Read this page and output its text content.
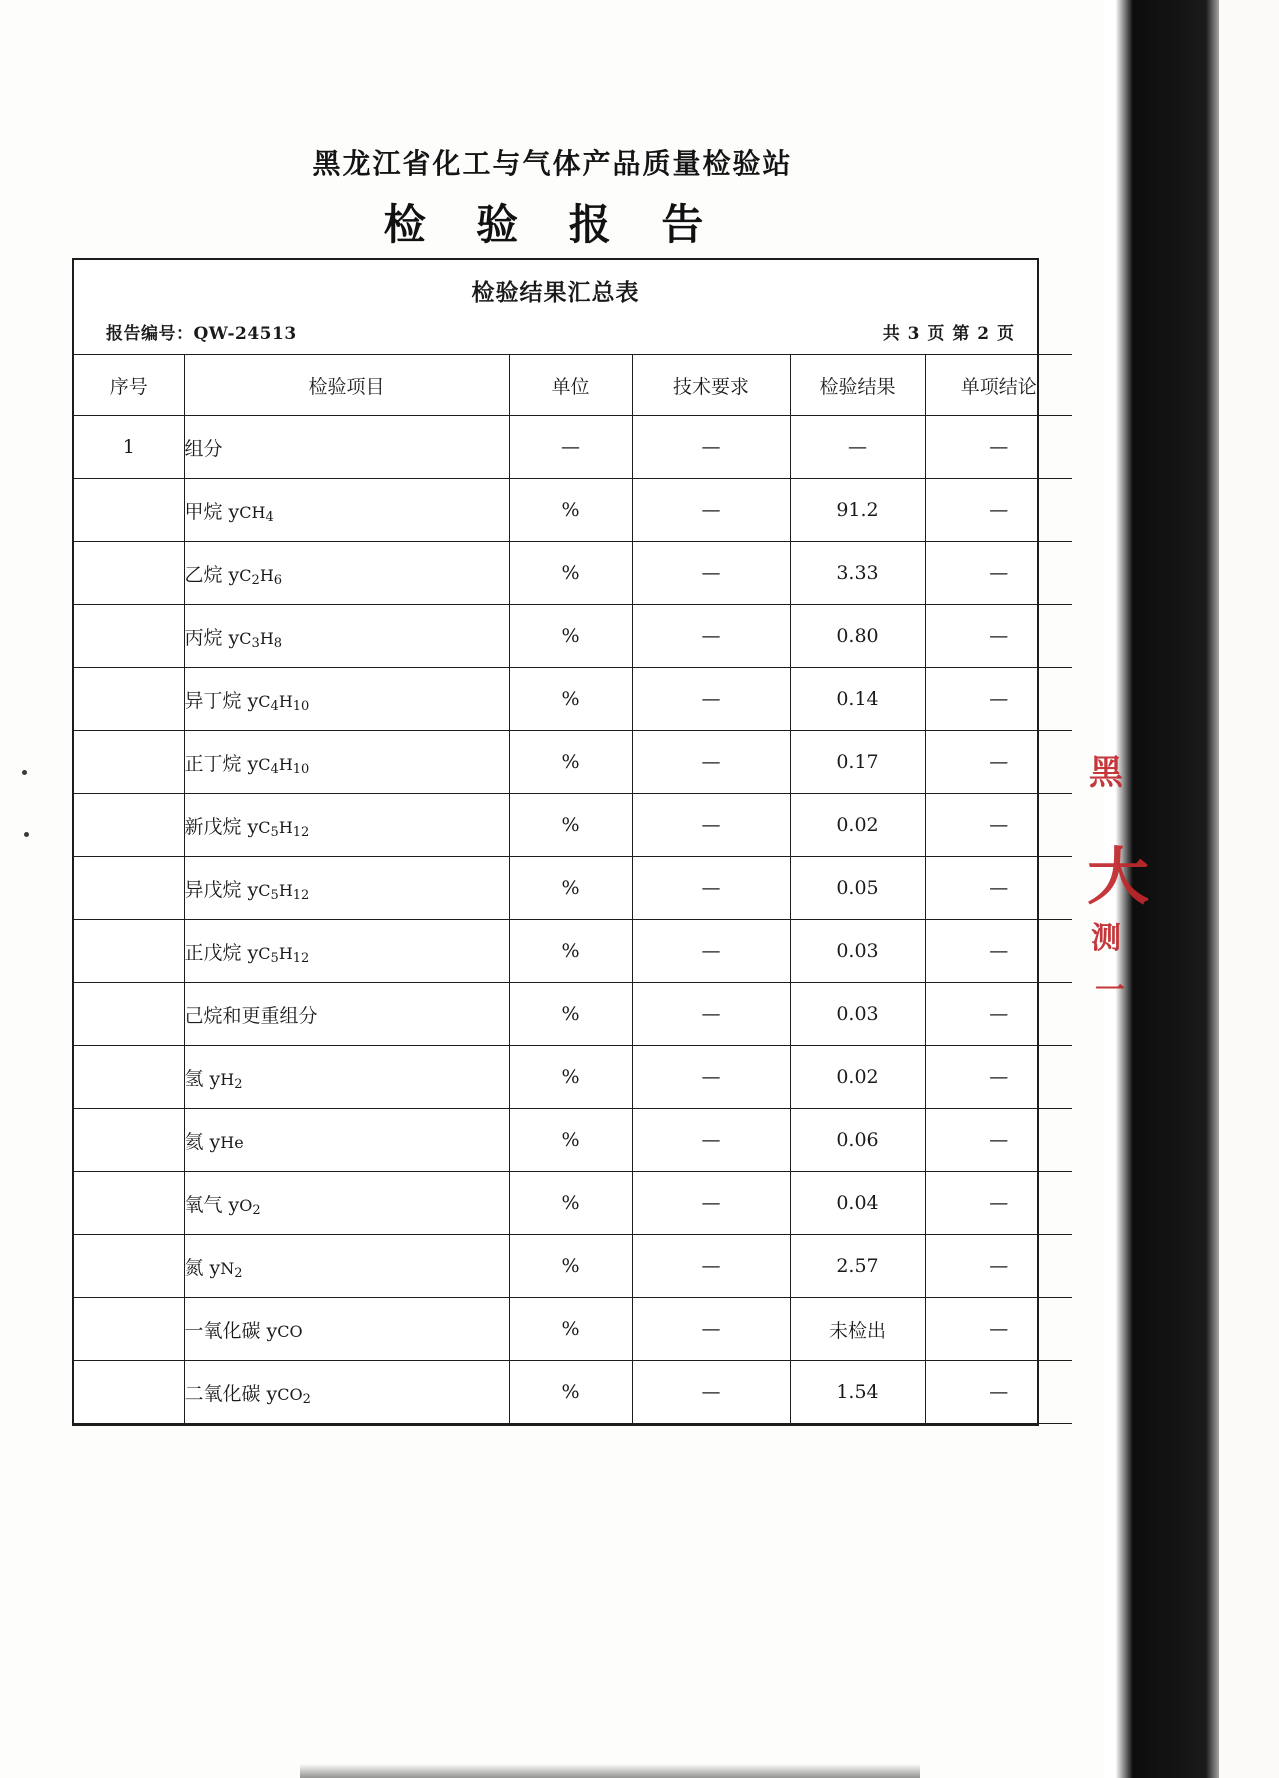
黑龙江省化工与气体产品质量检验站
检 验 报 告
检验结果汇总表
报告编号：QW-24513	共 3 页 第 2 页
序号	检验项目	单位	技术要求	检验结果	单项结论
1	组分	—	—	—	—
	甲烷 yCH$_4$	%	—	91.2	—
	乙烷 $yC_2H_6$	%	—	3.33	—
	丙烷 $yC_3H_8$	%	—	0.80	—
	异丁烷 $yC_4H_{10}$	%	—	0.14	—
	正丁烷 $yC_4H_{10}$	%	—	0.17	—
	新戊烷 $yC_5H_{12}$	%	—	0.02	—
	异戊烷 $yC_5H_{12}$	%	—	0.05	—
	正戊烷 $yC_5H_{12}$	%	—	0.03	—
	己烷和更重组分	%	—	0.03	—
	氢 $yH_2$	%	—	0.02	—
	氦 yHe	%	—	0.06	—
	氧气 $yO_2$	%	—	0.04	—
	氮 $yN_2$	%	—	2.57	—
	一氧化碳 yCO	%	—	未检出	—
	二氧化碳 yCO$_2$	%	—	1.54	—
黑
大
测
一
